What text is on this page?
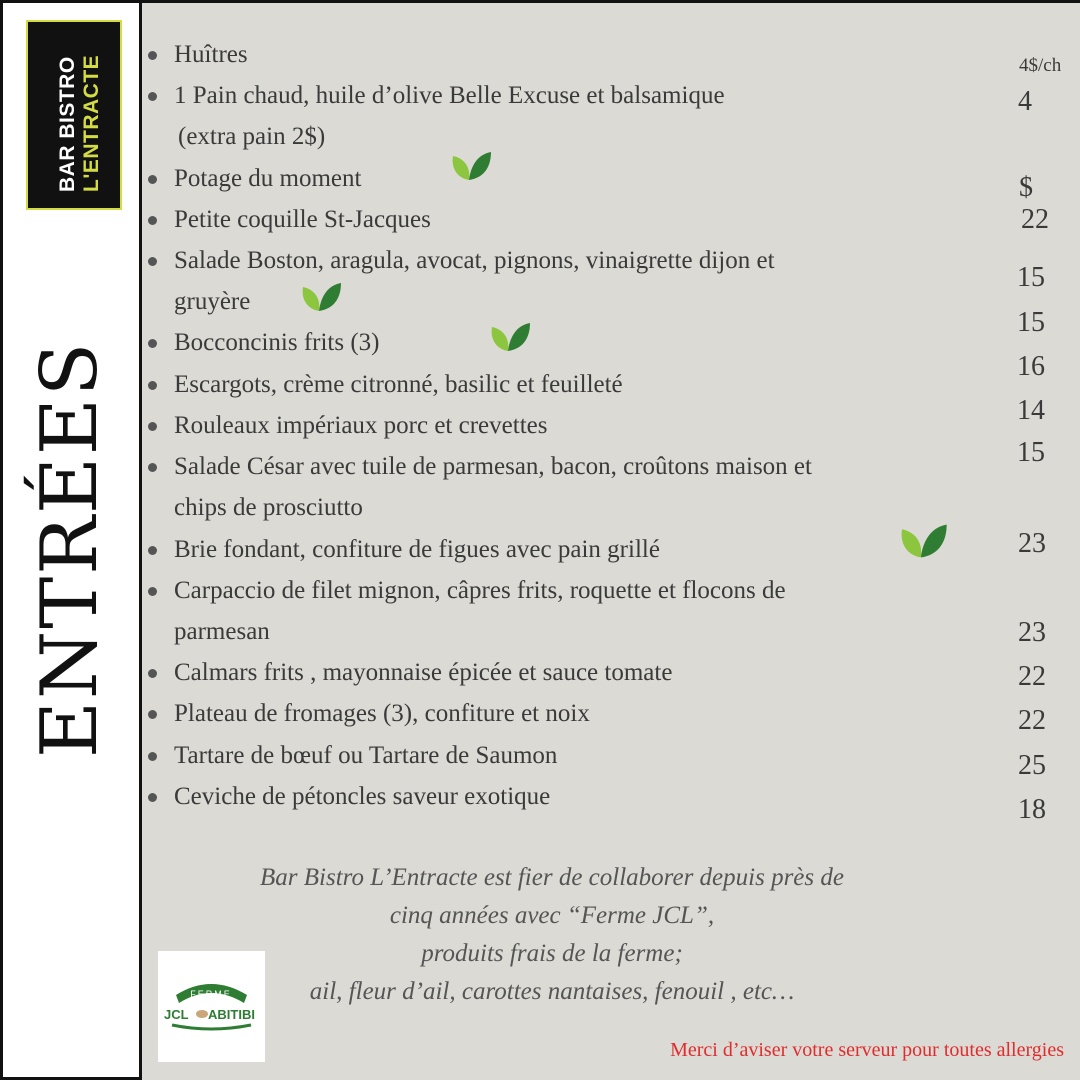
BAR BISTRO L'ENTRACTE
ENTRÉES
Huîtres
1 Pain chaud, huile d’olive Belle Excuse et balsamique
(extra pain 2$)
Potage du moment
Petite coquille St-Jacques
Salade Boston, aragula, avocat, pignons, vinaigrette dijon et
gruyère
Bocconcinis frits (3)
Escargots, crème citronné, basilic et feuilleté
Rouleaux impériaux porc et crevettes
Salade César avec tuile de parmesan, bacon, croûtons maison et
chips de prosciutto
Brie fondant, confiture de figues avec pain grillé
Carpaccio de filet mignon, câpres frits, roquette et flocons de
parmesan
Calmars frits , mayonnaise épicée et sauce tomate
Plateau de fromages (3), confiture et noix
Tartare de bœuf ou Tartare de Saumon
Ceviche de pétoncles saveur exotique
4$/ch
4
$
22
15
15
16
14
15
23
23
22
22
25
18
Bar Bistro L’Entracte est fier de collaborer depuis près de
cinq années avec “Ferme JCL”,
produits frais de la ferme;
ail, fleur d’ail, carottes nantaises, fenouil , etc…
FERME
JCL ABITIBI
Merci d’aviser votre serveur pour toutes allergies
